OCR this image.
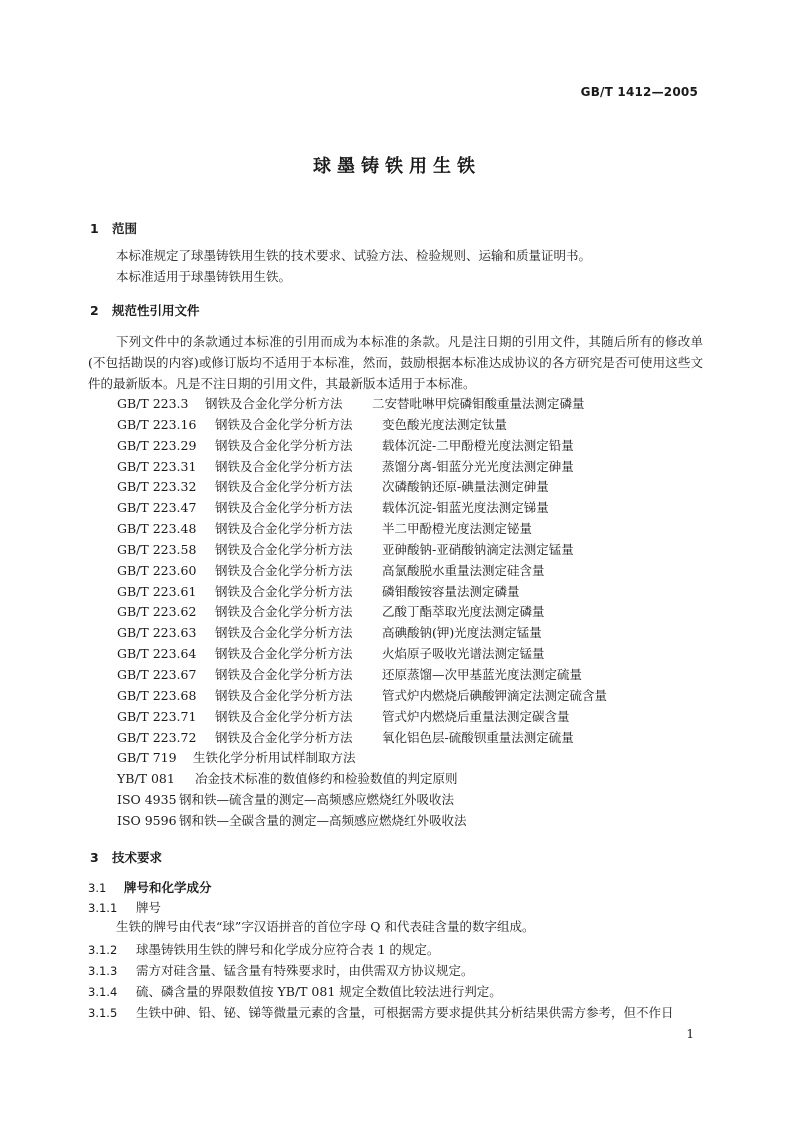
GB/T 1412—2005
球墨铸铁用生铁
1 范围
本标准规定了球墨铸铁用生铁的技术要求、试验方法、检验规则、运输和质量证明书。
本标准适用于球墨铸铁用生铁。
2 规范性引用文件
下列文件中的条款通过本标准的引用而成为本标准的条款。凡是注日期的引用文件，其随后所有的修改单(不包括勘误的内容)或修订版均不适用于本标准，然而，鼓励根据本标准达成协议的各方研究是否可使用这些文件的最新版本。凡是不注日期的引用文件，其最新版本适用于本标准。
GB/T 223.3 钢铁及合金化学分析方法 二安替吡啉甲烷磷钼酸重量法测定磷量
GB/T 223.16 钢铁及合金化学分析方法 变色酸光度法测定钛量
GB/T 223.29 钢铁及合金化学分析方法 载体沉淀-二甲酚橙光度法测定铅量
GB/T 223.31 钢铁及合金化学分析方法 蒸馏分离-钼蓝分光光度法测定砷量
GB/T 223.32 钢铁及合金化学分析方法 次磷酸钠还原-碘量法测定砷量
GB/T 223.47 钢铁及合金化学分析方法 载体沉淀-钼蓝光度法测定锑量
GB/T 223.48 钢铁及合金化学分析方法 半二甲酚橙光度法测定铋量
GB/T 223.58 钢铁及合金化学分析方法 亚砷酸钠-亚硝酸钠滴定法测定锰量
GB/T 223.60 钢铁及合金化学分析方法 高氯酸脱水重量法测定硅含量
GB/T 223.61 钢铁及合金化学分析方法 磷钼酸铵容量法测定磷量
GB/T 223.62 钢铁及合金化学分析方法 乙酸丁酯萃取光度法测定磷量
GB/T 223.63 钢铁及合金化学分析方法 高碘酸钠(钾)光度法测定锰量
GB/T 223.64 钢铁及合金化学分析方法 火焰原子吸收光谱法测定锰量
GB/T 223.67 钢铁及合金化学分析方法 还原蒸馏—次甲基蓝光度法测定硫量
GB/T 223.68 钢铁及合金化学分析方法 管式炉内燃烧后碘酸钾滴定法测定硫含量
GB/T 223.71 钢铁及合金化学分析方法 管式炉内燃烧后重量法测定碳含量
GB/T 223.72 钢铁及合金化学分析方法 氧化铝色层-硫酸钡重量法测定硫量
GB/T 719 生铁化学分析用试样制取方法
YB/T 081 冶金技术标准的数值修约和检验数值的判定原则
ISO 4935 钢和铁—硫含量的测定—高频感应燃烧红外吸收法
ISO 9596 钢和铁—全碳含量的测定—高频感应燃烧红外吸收法
3 技术要求
3.1 牌号和化学成分
3.1.1 牌号
生铁的牌号由代表“球”字汉语拼音的首位字母 Q 和代表硅含量的数字组成。
3.1.2 球墨铸铁用生铁的牌号和化学成分应符合表 1 的规定。
3.1.3 需方对硅含量、锰含量有特殊要求时，由供需双方协议规定。
3.1.4 硫、磷含量的界限数值按 YB/T 081 规定全数值比较法进行判定。
3.1.5 生铁中砷、铅、铋、锑等微量元素的含量，可根据需方要求提供其分析结果供需方参考，但不作日
1
